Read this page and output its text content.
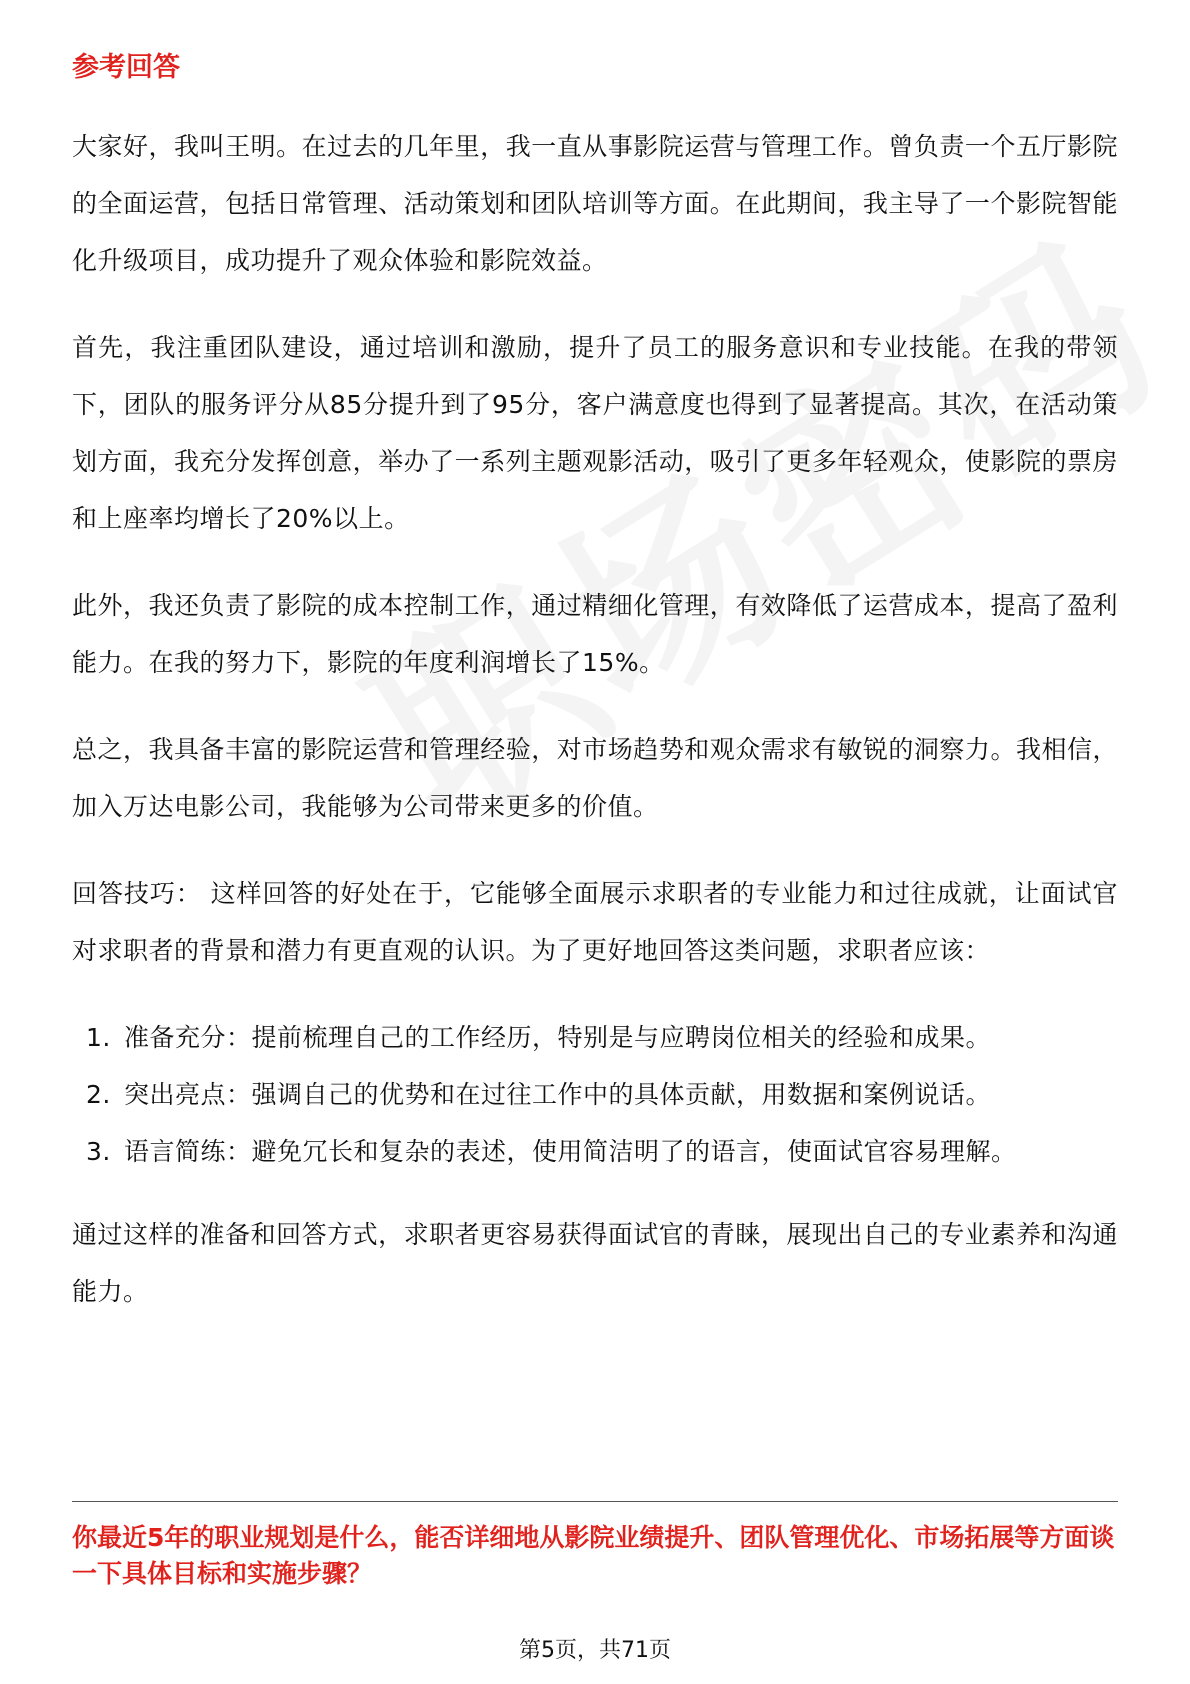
参考回答

大家好，我叫王明。在过去的几年里，我一直从事影院运营与管理工作。曾负责一个五厅影院的全面运营，包括日常管理、活动策划和团队培训等方面。在此期间，我主导了一个影院智能化升级项目，成功提升了观众体验和影院效益。

首先，我注重团队建设，通过培训和激励，提升了员工的服务意识和专业技能。在我的带领下，团队的服务评分从85分提升到了95分，客户满意度也得到了显著提高。其次，在活动策划方面，我充分发挥创意，举办了一系列主题观影活动，吸引了更多年轻观众，使影院的票房和上座率均增长了20%以上。

此外，我还负责了影院的成本控制工作，通过精细化管理，有效降低了运营成本，提高了盈利能力。在我的努力下，影院的年度利润增长了15%。

总之，我具备丰富的影院运营和管理经验，对市场趋势和观众需求有敏锐的洞察力。我相信，加入万达电影公司，我能够为公司带来更多的价值。

回答技巧： 这样回答的好处在于，它能够全面展示求职者的专业能力和过往成就，让面试官对求职者的背景和潜力有更直观的认识。为了更好地回答这类问题，求职者应该：

1. 准备充分：提前梳理自己的工作经历，特别是与应聘岗位相关的经验和成果。
2. 突出亮点：强调自己的优势和在过往工作中的具体贡献，用数据和案例说话。
3. 语言简练：避免冗长和复杂的表述，使用简洁明了的语言，使面试官容易理解。

通过这样的准备和回答方式，求职者更容易获得面试官的青睐，展现出自己的专业素养和沟通能力。

你最近5年的职业规划是什么，能否详细地从影院业绩提升、团队管理优化、市场拓展等方面谈一下具体目标和实施步骤？
第5页，共71页
